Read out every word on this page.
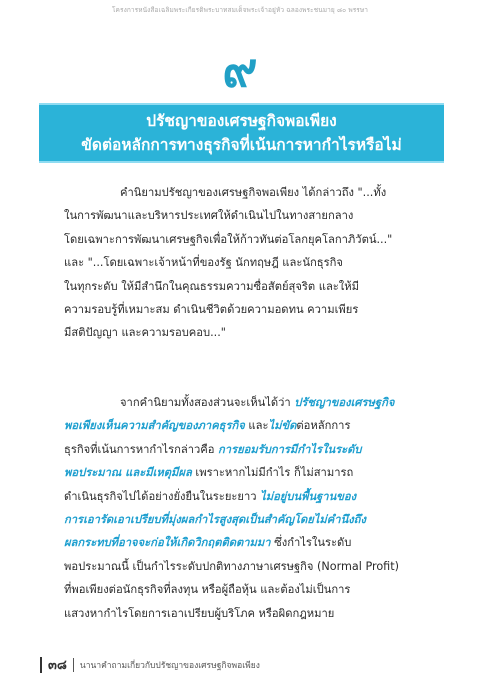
โครงการหนังสือเฉลิมพระเกียรติพระบาทสมเด็จพระเจ้าอยู่หัว ฉลองพระชนมายุ ๘๐ พรรษา
๙
ปรัชญาของเศรษฐกิจพอเพียง
ขัดต่อหลักการทางธุรกิจที่เน้นการหากำไรหรือไม่
คำนิยามปรัชญาของเศรษฐกิจพอเพียง ได้กล่าวถึง "...ทั้ง
ในการพัฒนาและบริหารประเทศให้ดำเนินไปในทางสายกลาง
โดยเฉพาะการพัฒนาเศรษฐกิจเพื่อให้ก้าวทันต่อโลกยุคโลกาภิวัตน์..."
และ "...โดยเฉพาะเจ้าหน้าที่ของรัฐ นักทฤษฎี และนักธุรกิจ
ในทุกระดับ ให้มีสำนึกในคุณธรรมความซื่อสัตย์สุจริต และให้มี
ความรอบรู้ที่เหมาะสม ดำเนินชีวิตด้วยความอดทน ความเพียร
มีสติปัญญา และความรอบคอบ..."
จากคำนิยามทั้งสองส่วนจะเห็นได้ว่า ปรัชญาของเศรษฐกิจ
พอเพียงเห็นความสำคัญของภาคธุรกิจ และไม่ขัดต่อหลักการ
ธุรกิจที่เน้นการหากำไรกล่าวคือ การยอมรับการมีกำไรในระดับ
พอประมาณ และมีเหตุมีผล เพราะหากไม่มีกำไร ก็ไม่สามารถ
ดำเนินธุรกิจไปได้อย่างยั่งยืนในระยะยาว ไม่อยู่บนพื้นฐานของ
การเอารัดเอาเปรียบที่มุ่งผลกำไรสูงสุดเป็นสำคัญโดยไม่คำนึงถึง
ผลกระทบที่อาจจะก่อให้เกิดวิกฤตติดตามมา ซึ่งกำไรในระดับ
พอประมาณนี้ เป็นกำไรระดับปกติทางภาษาเศรษฐกิจ (Normal Profit)
ที่พอเพียงต่อนักธุรกิจที่ลงทุน หรือผู้ถือหุ้น และต้องไม่เป็นการ
แสวงหากำไรโดยการเอาเปรียบผู้บริโภค หรือผิดกฎหมาย
๓๘ นานาคำถามเกี่ยวกับปรัชญาของเศรษฐกิจพอเพียง
